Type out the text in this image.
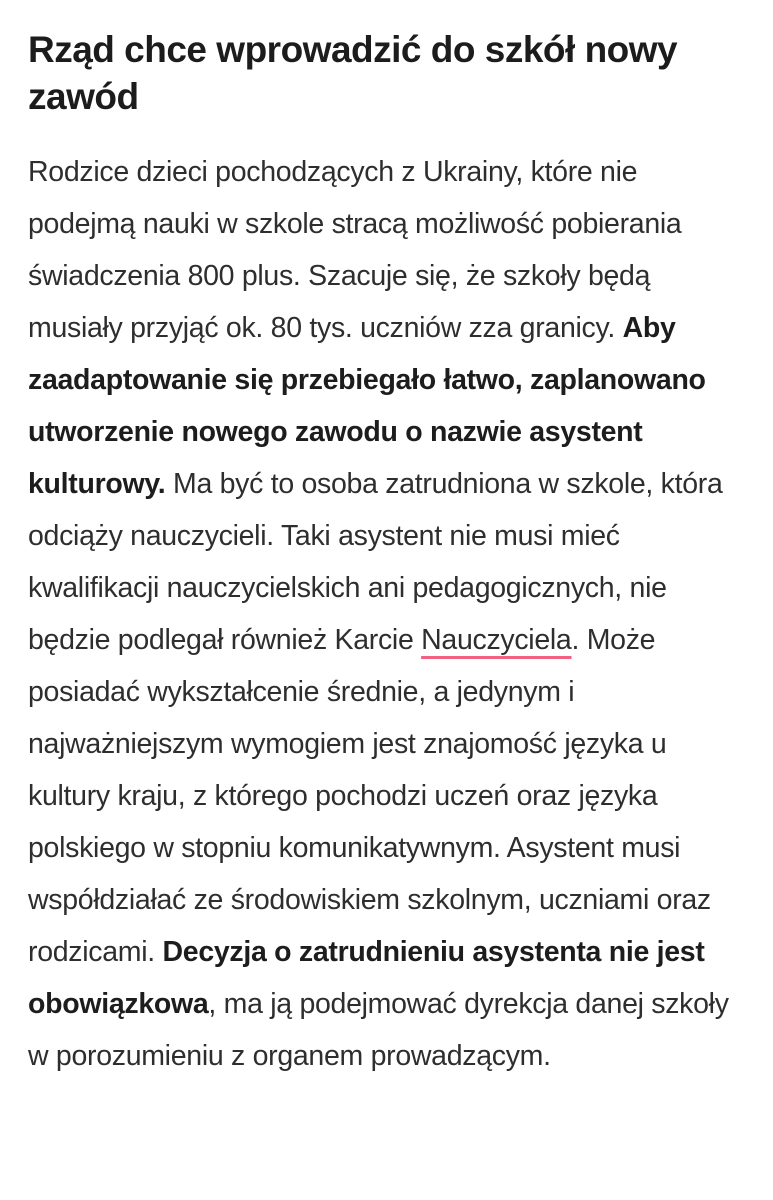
Rząd chce wprowadzić do szkół nowy zawód

Rodzice dzieci pochodzących z Ukrainy, które nie podejmą nauki w szkole stracą możliwość pobierania świadczenia 800 plus. Szacuje się, że szkoły będą musiały przyjąć ok. 80 tys. uczniów zza granicy. Aby zaadaptowanie się przebiegało łatwo, zaplanowano utworzenie nowego zawodu o nazwie asystent kulturowy. Ma być to osoba zatrudniona w szkole, która odciąży nauczycieli. Taki asystent nie musi mieć kwalifikacji nauczycielskich ani pedagogicznych, nie będzie podlegał również Karcie Nauczyciela. Może posiadać wykształcenie średnie, a jedynym i najważniejszym wymogiem jest znajomość języka u kultury kraju, z którego pochodzi uczeń oraz języka polskiego w stopniu komunikatywnym. Asystent musi współdziałać ze środowiskiem szkolnym, uczniami oraz rodzicami. Decyzja o zatrudnieniu asystenta nie jest obowiązkowa, ma ją podejmować dyrekcja danej szkoły w porozumieniu z organem prowadzącym.
